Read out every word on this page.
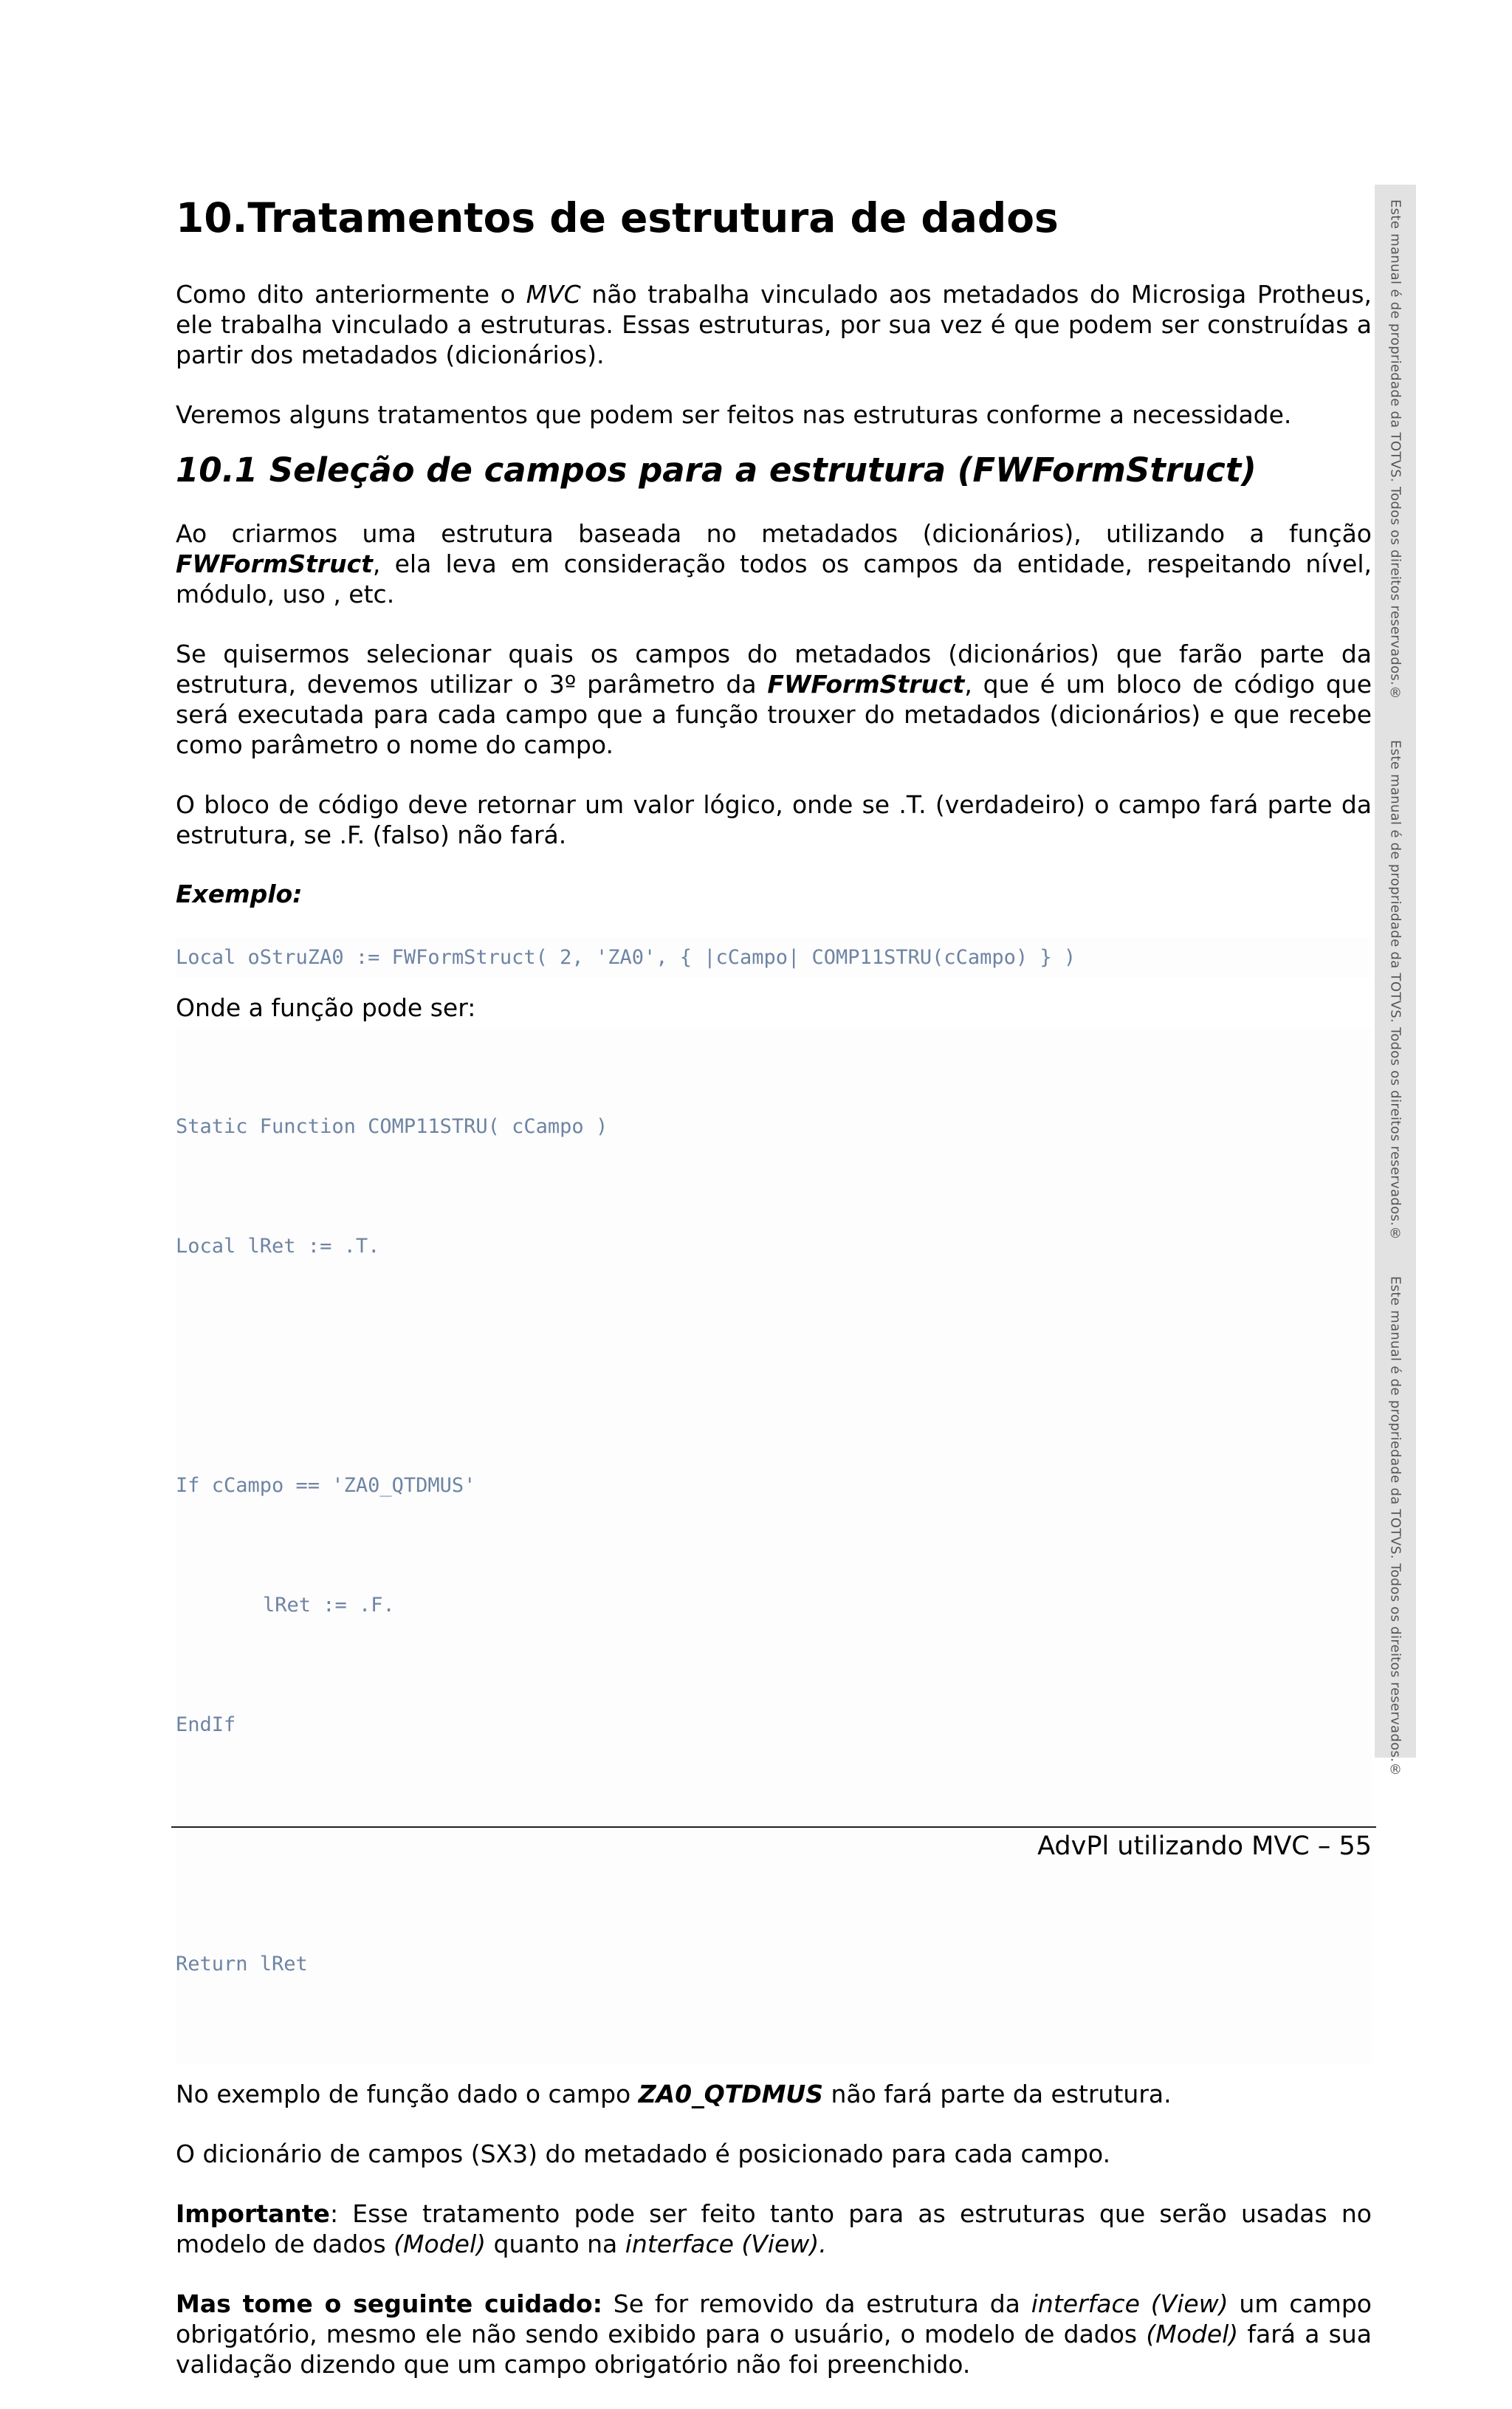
10.Tratamentos de estrutura de dados

Como dito anteriormente o MVC não trabalha vinculado aos metadados do Microsiga Protheus, ele trabalha vinculado a estruturas. Essas estruturas, por sua vez é que podem ser construídas a partir dos metadados (dicionários).

Veremos alguns tratamentos que podem ser feitos nas estruturas conforme a necessidade.

10.1 Seleção de campos para a estrutura (FWFormStruct)

Ao criarmos uma estrutura baseada no metadados (dicionários), utilizando a função FWFormStruct, ela leva em consideração todos os campos da entidade, respeitando nível, módulo, uso , etc.

Se quisermos selecionar quais os campos do metadados (dicionários) que farão parte da estrutura, devemos utilizar o 3º parâmetro da FWFormStruct, que é um bloco de código que será executada para cada campo que a função trouxer do metadados (dicionários) e que recebe como parâmetro o nome do campo.

O bloco de código deve retornar um valor lógico, onde se .T. (verdadeiro) o campo fará parte da estrutura, se .F. (falso) não fará.

Exemplo:
Local oStruZA0 := FWFormStruct( 2, 'ZA0', { |cCampo| COMP11STRU(cCampo) } )
Onde a função pode ser:

Static Function COMP11STRU( cCampo )

Local lRet := .T.

If cCampo == 'ZA0_QTDMUS'

lRet := .F.

EndIf

Return lRet

No exemplo de função dado o campo ZA0_QTDMUS não fará parte da estrutura.

O dicionário de campos (SX3) do metadado é posicionado para cada campo.

Importante: Esse tratamento pode ser feito tanto para as estruturas que serão usadas no modelo de dados (Model) quanto na interface (View).

Mas tome o seguinte cuidado: Se for removido da estrutura da interface (View) um campo obrigatório, mesmo ele não sendo exibido para o usuário, o modelo de dados (Model) fará a sua validação dizendo que um campo obrigatório não foi preenchido.

Este manual é de propriedade da TOTVS. Todos os direitos reservados.®
Este manual é de propriedade da TOTVS. Todos os direitos reservados.®
Este manual é de propriedade da TOTVS. Todos os direitos reservados.®
AdvPl utilizando MVC – 55
